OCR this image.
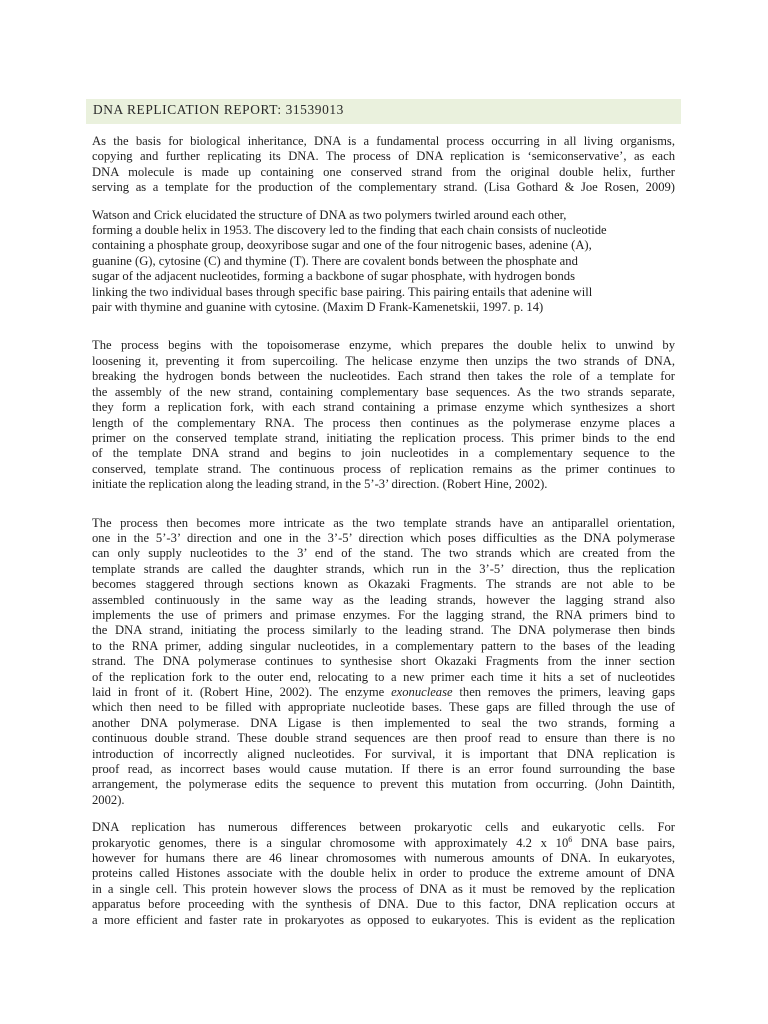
DNA REPLICATION REPORT: 31539013

As the basis for biological inheritance, DNA is a fundamental process occurring in all living organisms,
copying and further replicating its DNA. The process of DNA replication is ‘semiconservative’, as each
DNA molecule is made up containing one conserved strand from the original double helix, further
serving as a template for the production of the complementary strand. (Lisa Gothard & Joe Rosen, 2009)

Watson and Crick elucidated the structure of DNA as two polymers twirled around each other,
forming a double helix in 1953. The discovery led to the finding that each chain consists of nucleotide
containing a phosphate group, deoxyribose sugar and one of the four nitrogenic bases, adenine (A),
guanine (G), cytosine (C) and thymine (T). There are covalent bonds between the phosphate and
sugar of the adjacent nucleotides, forming a backbone of sugar phosphate, with hydrogen bonds
linking the two individual bases through specific base pairing. This pairing entails that adenine will
pair with thymine and guanine with cytosine. (Maxim D Frank-Kamenetskii, 1997. p. 14)

The process begins with the topoisomerase enzyme, which prepares the double helix to unwind by
loosening it, preventing it from supercoiling. The helicase enzyme then unzips the two strands of DNA,
breaking the hydrogen bonds between the nucleotides. Each strand then takes the role of a template for
the assembly of the new strand, containing complementary base sequences. As the two strands separate,
they form a replication fork, with each strand containing a primase enzyme which synthesizes a short
length of the complementary RNA. The process then continues as the polymerase enzyme places a
primer on the conserved template strand, initiating the replication process. This primer binds to the end
of the template DNA strand and begins to join nucleotides in a complementary sequence to the
conserved, template strand. The continuous process of replication remains as the primer continues to
initiate the replication along the leading strand, in the 5’-3’ direction. (Robert Hine, 2002).

The process then becomes more intricate as the two template strands have an antiparallel orientation,
one in the 5’-3’ direction and one in the 3’-5’ direction which poses difficulties as the DNA polymerase
can only supply nucleotides to the 3’ end of the stand. The two strands which are created from the
template strands are called the daughter strands, which run in the 3’-5’ direction, thus the replication
becomes staggered through sections known as Okazaki Fragments. The strands are not able to be
assembled continuously in the same way as the leading strands, however the lagging strand also
implements the use of primers and primase enzymes. For the lagging strand, the RNA primers bind to
the DNA strand, initiating the process similarly to the leading strand. The DNA polymerase then binds
to the RNA primer, adding singular nucleotides, in a complementary pattern to the bases of the leading
strand. The DNA polymerase continues to synthesise short Okazaki Fragments from the inner section
of the replication fork to the outer end, relocating to a new primer each time it hits a set of nucleotides
laid in front of it. (Robert Hine, 2002). The enzyme exonuclease then removes the primers, leaving gaps
which then need to be filled with appropriate nucleotide bases. These gaps are filled through the use of
another DNA polymerase. DNA Ligase is then implemented to seal the two strands, forming a
continuous double strand. These double strand sequences are then proof read to ensure than there is no
introduction of incorrectly aligned nucleotides. For survival, it is important that DNA replication is
proof read, as incorrect bases would cause mutation. If there is an error found surrounding the base
arrangement, the polymerase edits the sequence to prevent this mutation from occurring. (John Daintith,
2002).

DNA replication has numerous differences between prokaryotic cells and eukaryotic cells. For
prokaryotic genomes, there is a singular chromosome with approximately 4.2 x $10^6$ DNA base pairs,
however for humans there are 46 linear chromosomes with numerous amounts of DNA. In eukaryotes,
proteins called Histones associate with the double helix in order to produce the extreme amount of DNA
in a single cell. This protein however slows the process of DNA as it must be removed by the replication
apparatus before proceeding with the synthesis of DNA. Due to this factor, DNA replication occurs at
a more efficient and faster rate in prokaryotes as opposed to eukaryotes. This is evident as the replication
